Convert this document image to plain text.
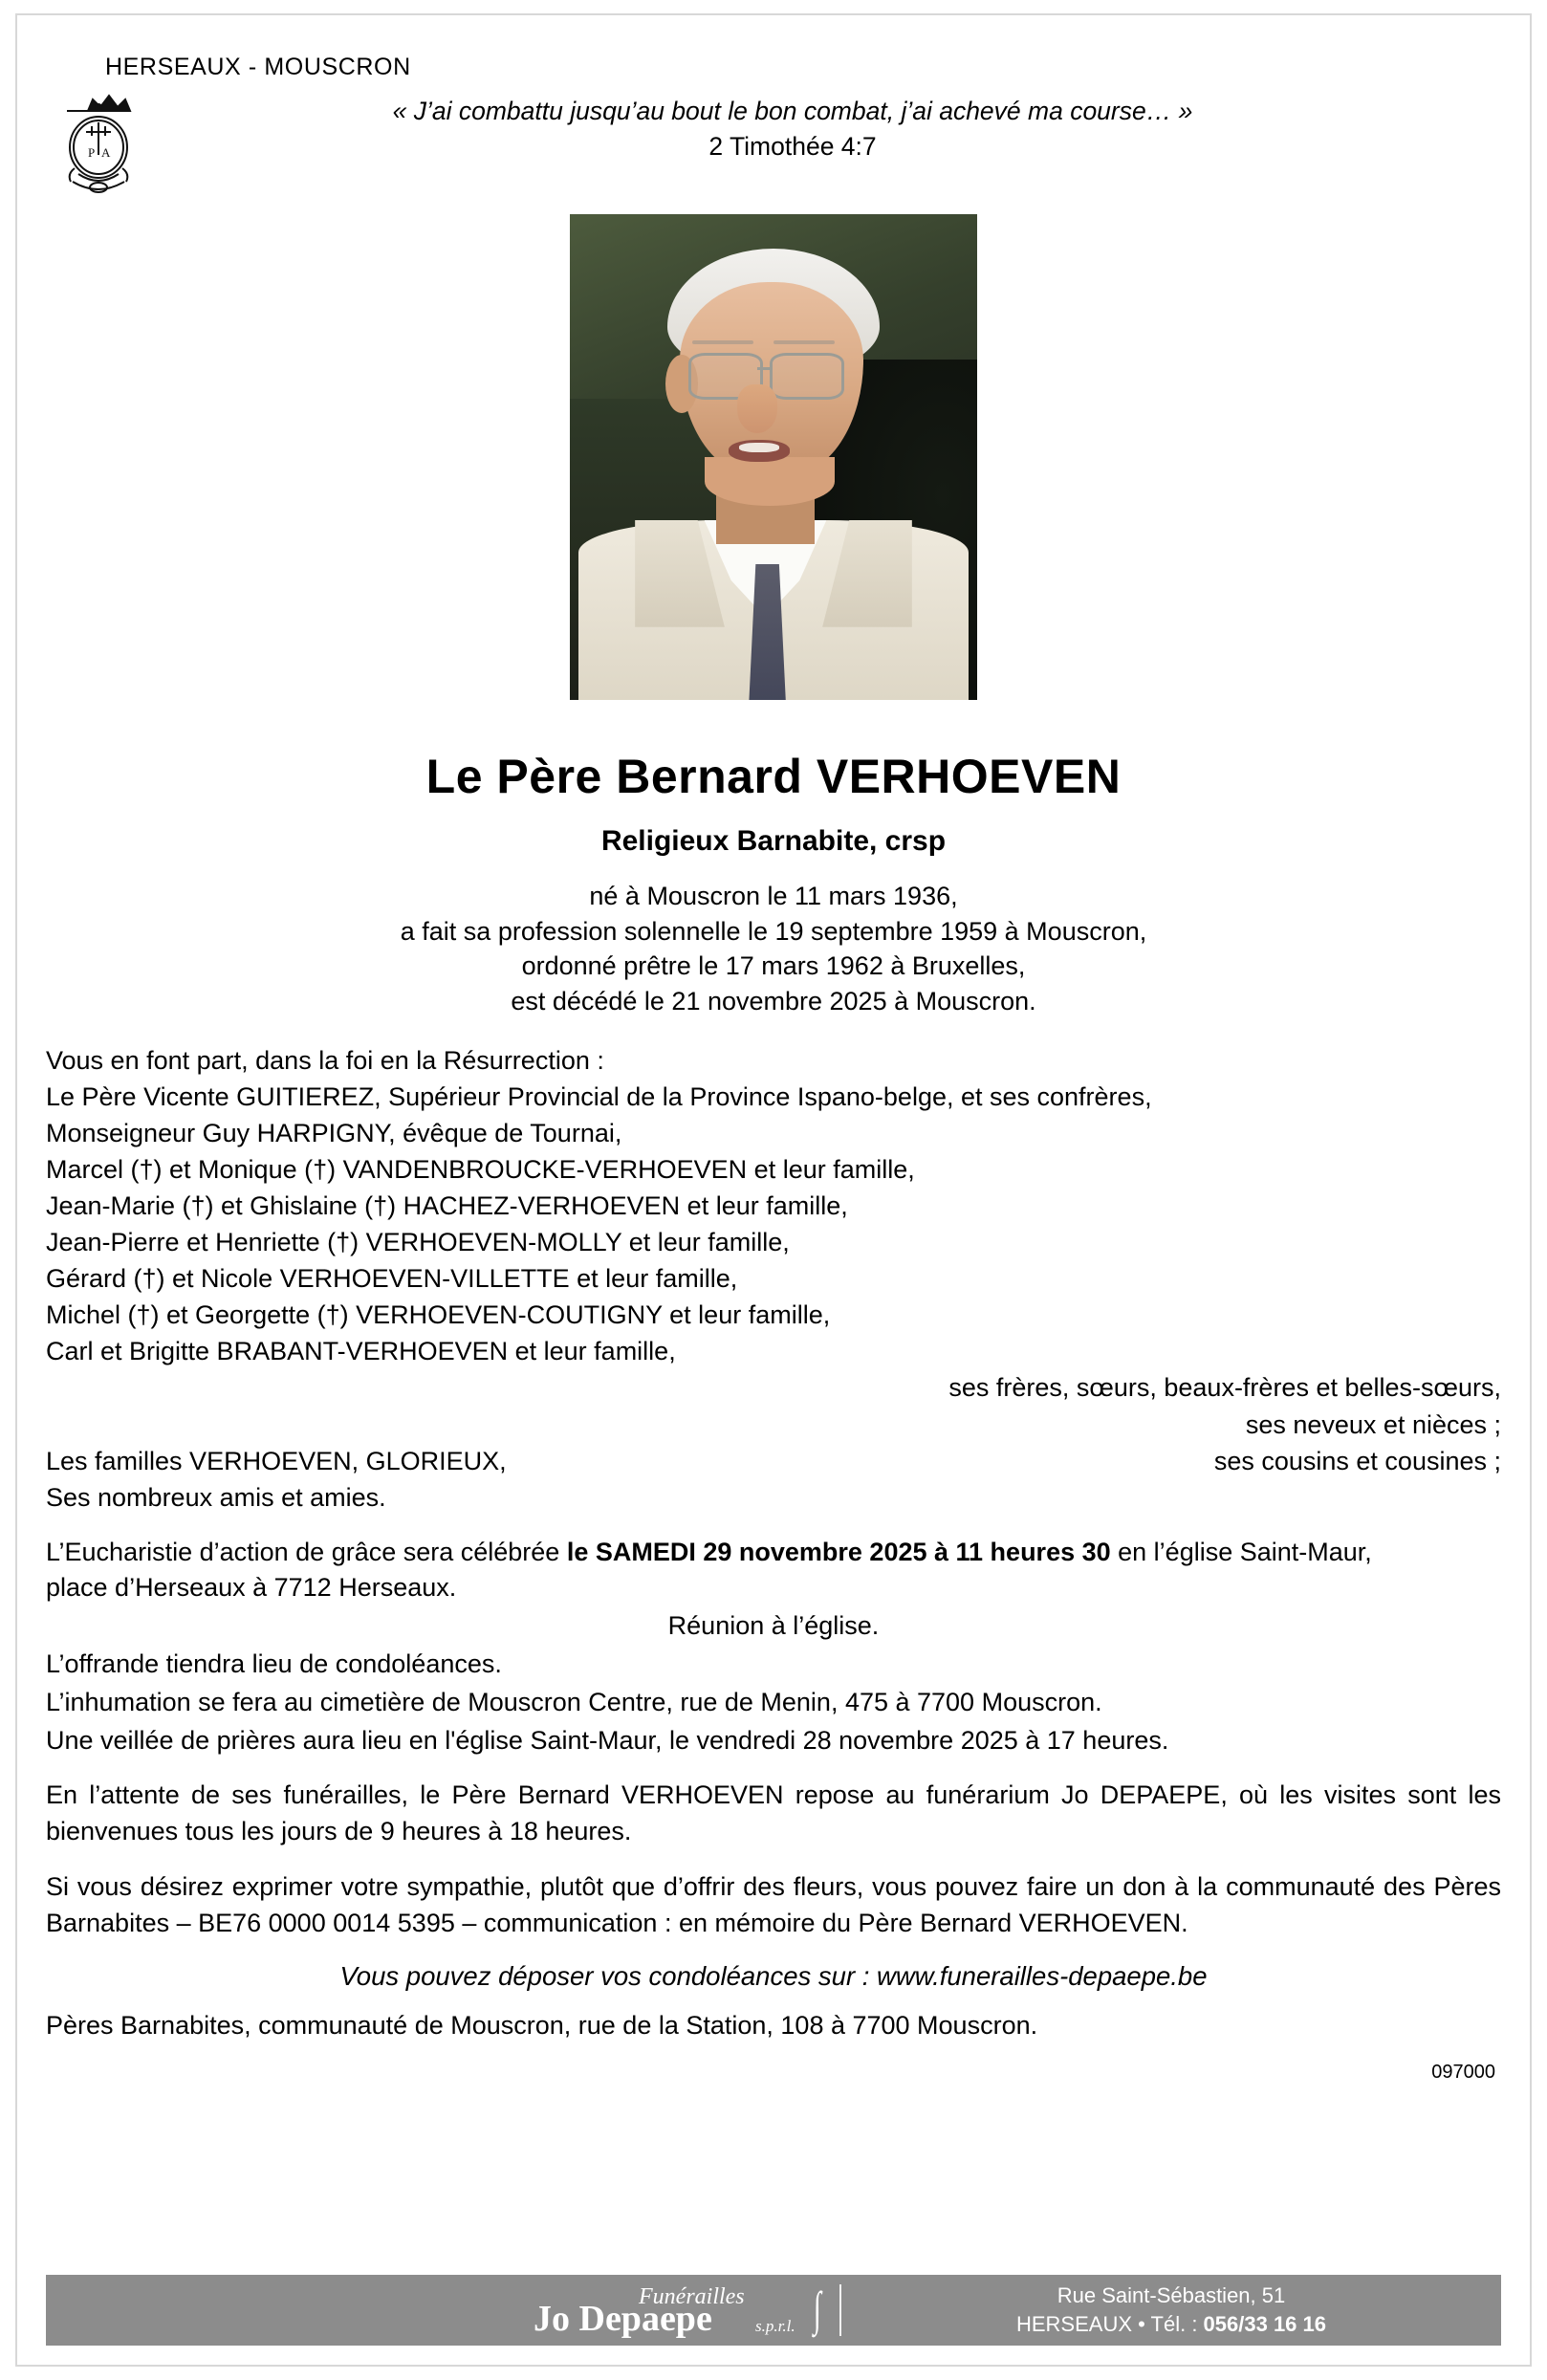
HERSEAUX - MOUSCRON
P A
« J’ai combattu jusqu’au bout le bon combat, j’ai achevé ma course… »
2 Timothée 4:7
Le Père Bernard VERHOEVEN
Religieux Barnabite, crsp
né à Mouscron le 11 mars 1936,
a fait sa profession solennelle le 19 septembre 1959 à Mouscron,
ordonné prêtre le 17 mars 1962 à Bruxelles,
est décédé le 21 novembre 2025 à Mouscron.
Vous en font part, dans la foi en la Résurrection :
Le Père Vicente GUITIEREZ, Supérieur Provincial de la Province Ispano-belge, et ses confrères,
Monseigneur Guy HARPIGNY, évêque de Tournai,
Marcel (†) et Monique (†) VANDENBROUCKE-VERHOEVEN et leur famille,
Jean-Marie (†) et Ghislaine (†) HACHEZ-VERHOEVEN et leur famille,
Jean-Pierre et Henriette (†) VERHOEVEN-MOLLY et leur famille,
Gérard (†) et Nicole VERHOEVEN-VILLETTE et leur famille,
Michel (†) et Georgette (†) VERHOEVEN-COUTIGNY et leur famille,
Carl et Brigitte BRABANT-VERHOEVEN et leur famille,
ses frères, sœurs, beaux-frères et belles-sœurs,
ses neveux et nièces ;
Les familles VERHOEVEN, GLORIEUX,	ses cousins et cousines ;
Ses nombreux amis et amies.
L’Eucharistie d’action de grâce sera célébrée le SAMEDI 29 novembre 2025 à 11 heures 30 en l’église Saint-Maur,
place d’Herseaux à 7712 Herseaux.
Réunion à l’église.
L’offrande tiendra lieu de condoléances.
L’inhumation se fera au cimetière de Mouscron Centre, rue de Menin, 475 à 7700 Mouscron.
Une veillée de prières aura lieu en l'église Saint-Maur, le vendredi 28 novembre 2025 à 17 heures.
En l’attente de ses funérailles, le Père Bernard VERHOEVEN repose au funérarium Jo DEPAEPE, où les visites sont les bienvenues tous les jours de 9 heures à 18 heures.
Si vous désirez exprimer votre sympathie, plutôt que d’offrir des fleurs, vous pouvez faire un don à la communauté des Pères Barnabites – BE76 0000 0014 5395 – communication : en mémoire du Père Bernard VERHOEVEN.
Vous pouvez déposer vos condoléances sur : www.funerailles-depaepe.be
Pères Barnabites, communauté de Mouscron, rue de la Station, 108 à 7700 Mouscron.
097000
Funérailles
Jo Depaepe	s.p.r.l. ∫	Rue Saint-Sébastien, 51
HERSEAUX • Tél. : 056/33 16 16
